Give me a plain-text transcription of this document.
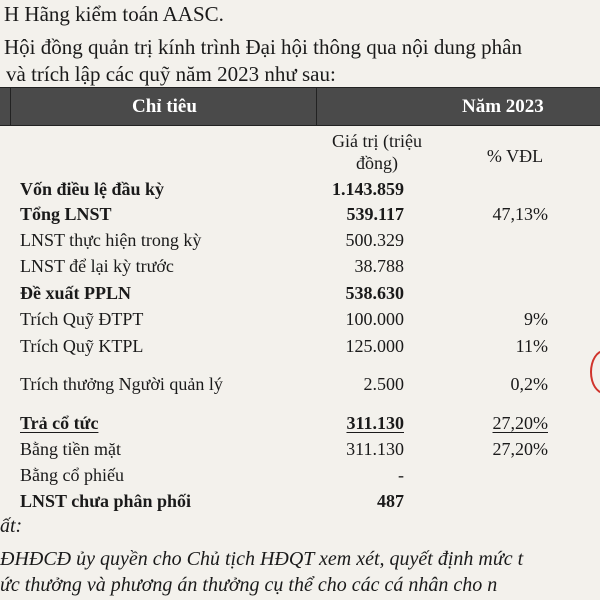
H Hãng kiểm toán AASC.
Hội đồng quản trị kính trình Đại hội thông qua nội dung phân
và trích lập các quỹ năm 2023 như sau:
Chỉ tiêu	Năm 2023
Giá trị (triệu đồng)	% VĐL
Vốn điều lệ đầu kỳ	1.143.859
Tổng LNST	539.117	47,13%
LNST thực hiện trong kỳ	500.329
LNST để lại kỳ trước	38.788
Đề xuất PPLN	538.630
Trích Quỹ ĐTPT	100.000	9%
Trích Quỹ KTPL	125.000	11%
Trích thưởng Người quản lý	2.500	0,2%
Trả cổ tức	311.130	27,20%
Bằng tiền mặt	311.130	27,20%
Bằng cổ phiếu	-
LNST chưa phân phối	487
ất:
ĐHĐCĐ ủy quyền cho Chủ tịch HĐQT xem xét, quyết định mức t
ức thưởng và phương án thưởng cụ thể cho các cá nhân cho n
